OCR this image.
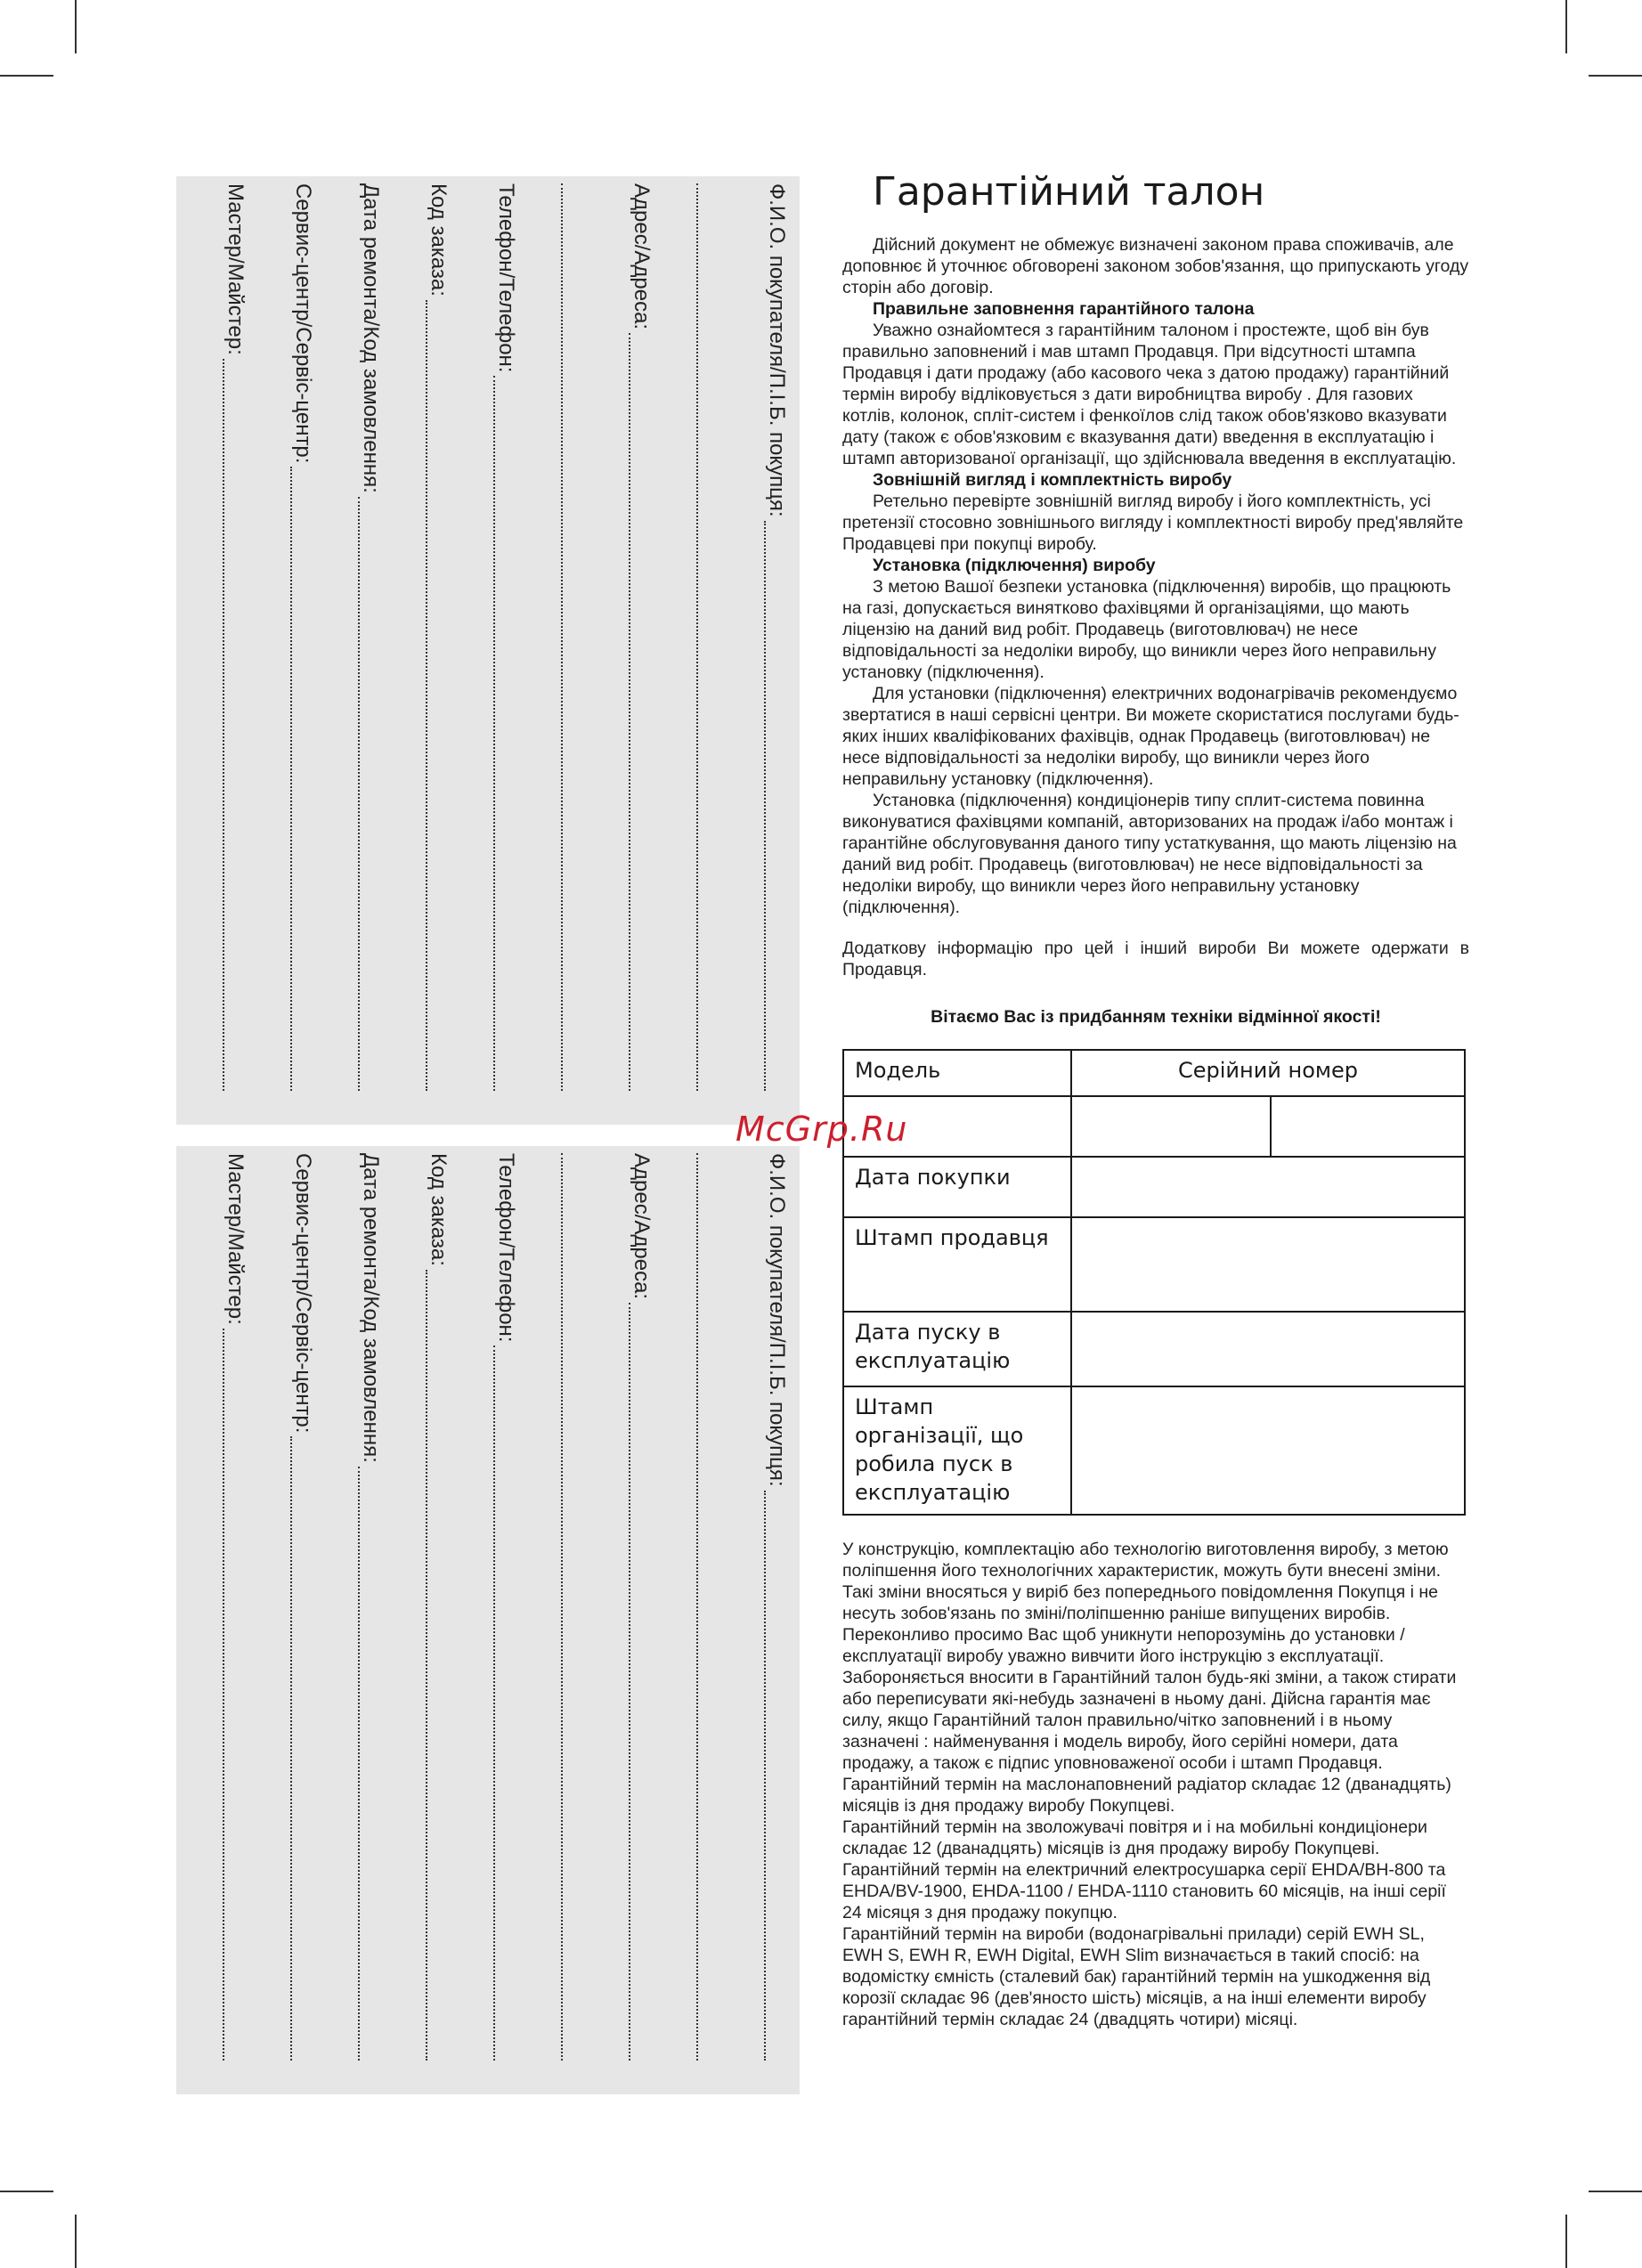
Ф.И.О. покупателя/П.І.Б. покупця:
Адрес/Адреса:
Телефон/Телефон:
Код заказа:
Дата ремонта/Код замовлення:
Сервис-центр/Сервіс-центр:
Мастер/Майстер:
Ф.И.О. покупателя/П.І.Б. покупця:
Адрес/Адреса:
Телефон/Телефон:
Код заказа:
Дата ремонта/Код замовлення:
Сервис-центр/Сервіс-центр:
Мастер/Майстер:
Гарантійний талон

Дійсний документ не обмежує визначені законом права споживачів, але доповнює й уточнює обговорені законом зобов'язання, що припускають угоду сторін або договір.

Правильне заповнення гарантійного талона

Уважно ознайомтеся з гарантійним талоном і простежте, щоб він був правильно заповнений і мав штамп Продавця. При відсутності штампа Продавця і дати продажу (або касового чека з датою продажу) гарантійний термін виробу відліковується з дати виробництва виробу . Для газових котлів, колонок, спліт-систем і фенкоїлов слід також обов'язково вказувати дату (також є обов'язковим є вказування дати) введення в експлуатацію і штамп авторизованої організації, що здійснювала введення в експлуатацію.

Зовнішній вигляд і комплектність виробу

Ретельно перевірте зовнішній вигляд виробу і його комплектність, усі претензії стосовно зовнішнього вигляду і комплектності виробу пред'являйте Продавцеві при покупці виробу.

Установка (підключення) виробу

З метою Вашої безпеки установка (підключення) виробів, що працюють на газі, допускається винятково фахівцями й організаціями, що мають ліцензію на даний вид робіт. Продавець (виготовлювач) не несе відповідальності за недоліки виробу, що виникли через його неправильну установку (підключення).

Для установки (підключення) електричних водонагрівачів рекомендуємо звертатися в наші сервісні центри. Ви можете скористатися послугами будь-яких інших кваліфікованих фахівців, однак Продавець (виготовлювач) не несе відповідальності за недоліки виробу, що виникли через його неправильну установку (підключення).

Установка (підключення) кондиціонерів типу сплит-система повинна виконуватися фахівцями компаній, авторизованих на продаж і/або монтаж і гарантійне обслуговування даного типу устаткування, що мають ліцензію на даний вид робіт. Продавець (виготовлювач) не несе відповідальності за недоліки виробу, що виникли через його неправильну установку (підключення).

Додаткову інформацію про цей і інший вироби Ви можете одержати в Продавця.

Вітаємо Вас із придбанням техніки відмінної якості!
Модель	Серійний номер	

Дата покупки		
Штамп продавця		
Дата пуску в експлуатацію		
Штамп організації, що робила пуск в експлуатацію		

У конструкцію, комплектацію або технологію виготовлення виробу, з метою поліпшення його технологічних характеристик, можуть бути внесені зміни. Такі зміни вносяться у виріб без попереднього повідомлення Покупця і не несуть зобов'язань по зміні/поліпшенню раніше випущених виробів.

Переконливо просимо Вас щоб уникнути непорозумінь до установки /експлуатації виробу уважно вивчити його інструкцію з експлуатації. Забороняється вносити в Гарантійний талон будь-які зміни, а також стирати або переписувати які-небудь зазначені в ньому дані. Дійсна гарантія має силу, якщо Гарантійний талон правильно/чітко заповнений і в ньому зазначені : найменування і модель виробу, його серійні номери, дата продажу, а також є підпис уповноваженої особи і штамп Продавця.

Гарантійний термін на маслонаповнений радіатор складає 12 (дванадцять) місяців із дня продажу виробу Покупцеві.

Гарантійний термін на зволожувачі повітря и і на мобильні кондиціонери складає 12 (дванадцять) місяців із дня продажу виробу Покупцеві.

Гарантійний термін на електричний електросушарка серії EHDA/BH-800 та EHDA/BV-1900, EHDA-1100 / EHDA-1110 становить 60 місяців, на інші серії 24 місяця з дня продажу покупцю.

Гарантійний термін на вироби (водонагрівальні прилади) серій EWH SL, EWH S, EWH R, EWH Digital, EWH Slim визначається в такий спосіб: на водомістку ємність (сталевий бак) гарантійний термін на ушкодження від корозії складає 96 (дев'яносто шість) місяців, а на інші елементи виробу гарантійний термін складає 24 (двадцять чотири) місяці.

McGrp.Ru
